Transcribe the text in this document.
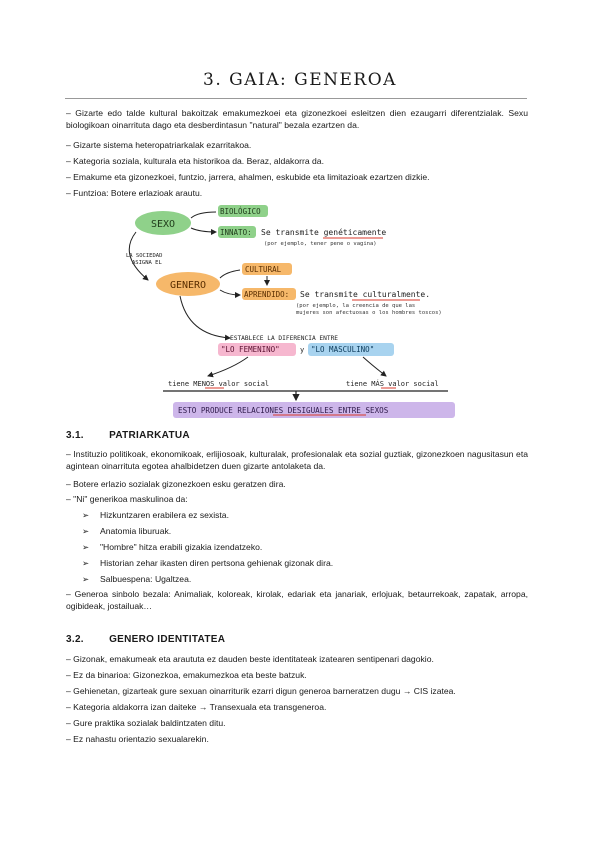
3. GAIA: GENEROA
– Gizarte edo talde kultural bakoitzak emakumezkoei eta gizonezkoei esleitzen dien ezaugarri diferentzialak. Sexu biologikoan oinarrituta dago eta desberdintasun "natural" bezala ezartzen da.
– Gizarte sistema heteropatriarkalak ezarritakoa.
– Kategoria soziala, kulturala eta historikoa da. Beraz, aldakorra da.
– Emakume eta gizonezkoei, funtzio, jarrera, ahalmen, eskubide eta limitazioak ezartzen dizkie.
– Funtzioa: Botere erlazioak arautu.
SEXO
BIOLÓGICO
INNATO: Se transmite genéticamente
(por ejemplo, tener pene o vagina)
LA SOCIEDAD
ASIGNA EL
GENERO
CULTURAL
APRENDIDO: Se transmite culturalmente.
(por ejemplo, la creencia de que las
mujeres son afectuosas o los hombres toscos)
ESTABLECE LA DIFERENCIA ENTRE
"LO FEMENINO"	y "LO MASCULINO"
tiene MENOS valor social	tiene MÁS valor social
ESTO PRODUCE RELACIONES DESIGUALES ENTRE SEXOS
3.1.	PATRIARKATUA
– Instituzio politikoak, ekonomikoak, erlijiosoak, kulturalak, profesionalak eta sozial guztiak, gizonezkoen nagusitasun eta agintean oinarrituta egotea ahalbidetzen duen gizarte antolaketa da.
– Botere erlazio sozialak gizonezkoen esku geratzen dira.
– "Ni" generikoa maskulinoa da:
➢ Hizkuntzaren erabilera ez sexista.
➢ Anatomia liburuak.
➢ "Hombre" hitza erabili gizakia izendatzeko.
➢ Historian zehar ikasten diren pertsona gehienak gizonak dira.
➢ Salbuespena: Ugaltzea.
– Generoa sinbolo bezala: Animaliak, koloreak, kirolak, edariak eta janariak, erlojuak, betaurrekoak, zapatak, arropa, ogibideak, jostailuak…
3.2.	GENERO IDENTITATEA
– Gizonak, emakumeak eta araututa ez dauden beste identitateak izatearen sentipenari dagokio.
– Ez da binarioa: Gizonezkoa, emakumezkoa eta beste batzuk.
– Gehienetan, gizarteak gure sexuan oinarriturik ezarri digun generoa barneratzen dugu → CIS izatea.
– Kategoria aldakorra izan daiteke → Transexuala eta transgeneroa.
– Gure praktika sozialak baldintzaten ditu.
– Ez nahastu orientazio sexualarekin.
